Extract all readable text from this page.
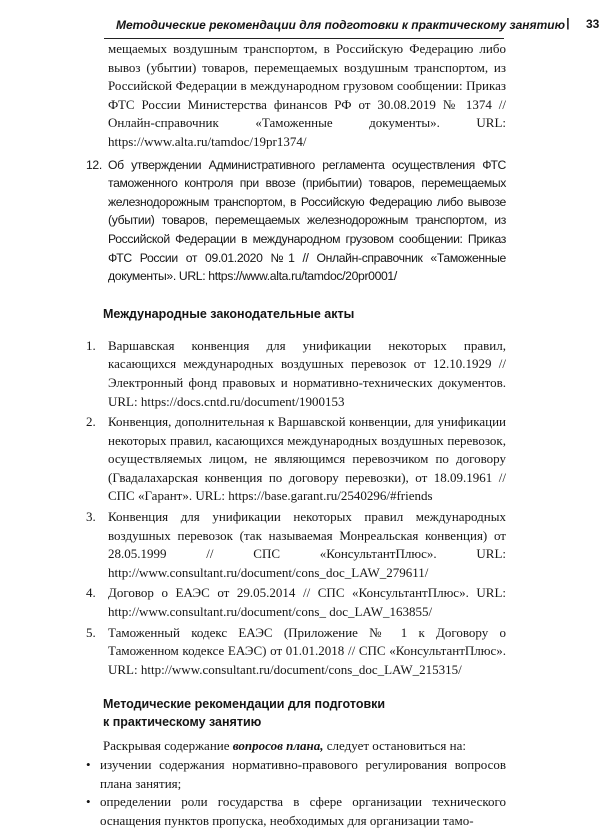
Методические рекомендации для подготовки к практическому занятию | 33
мещаемых воздушным транспортом, в Российскую Федерацию либо вывоз (убытии) товаров, перемещаемых воздушным транспортом, из Российской Федерации в международном грузовом сообщении: Приказ ФТС России Министерства финансов РФ от 30.08.2019 № 1374 // Онлайн-справочник «Таможенные документы». URL: https://www.alta.ru/tamdoc/19pr1374/
12. Об утверждении Административного регламента осуществления ФТС таможенного контроля при ввозе (прибытии) товаров, перемещаемых железнодорожным транспортом, в Российскую Федерацию либо вывозе (убытии) товаров, перемещаемых железнодорожным транспортом, из Российской Федерации в международном грузовом сообщении: Приказ ФТС России от 09.01.2020 №1 // Онлайн-справочник «Таможенные документы». URL: https://www.alta.ru/tamdoc/20pr0001/
Международные законодательные акты
1. Варшавская конвенция для унификации некоторых правил, касающихся международных воздушных перевозок от 12.10.1929 // Электронный фонд правовых и нормативно-технических документов. URL: https://docs.cntd.ru/document/1900153
2. Конвенция, дополнительная к Варшавской конвенции, для унификации некоторых правил, касающихся международных воздушных перевозок, осуществляемых лицом, не являющимся перевозчиком по договору (Гвадалахарская конвенция по договору перевозки), от 18.09.1961 // СПС «Гарант». URL: https://base.garant.ru/2540296/#friends
3. Конвенция для унификации некоторых правил международных воздушных перевозок (так называемая Монреальская конвенция) от 28.05.1999 // СПС «КонсультантПлюс». URL: http://www.consultant.ru/document/cons_doc_LAW_279611/
4. Договор о ЕАЭС от 29.05.2014 // СПС «КонсультантПлюс». URL: http://www.consultant.ru/document/cons_ doc_LAW_163855/
5. Таможенный кодекс ЕАЭС (Приложение № 1 к Договору о Таможенном кодексе ЕАЭС) от 01.01.2018 // СПС «КонсультантПлюс». URL: http://www.consultant.ru/document/cons_doc_LAW_215315/
Методические рекомендации для подготовки
к практическому занятию
Раскрывая содержание вопросов плана, следует остановиться на:
• изучении содержания нормативно-правового регулирования вопросов плана занятия;
• определении роли государства в сфере организации технического оснащения пунктов пропуска, необходимых для организации тамо-
